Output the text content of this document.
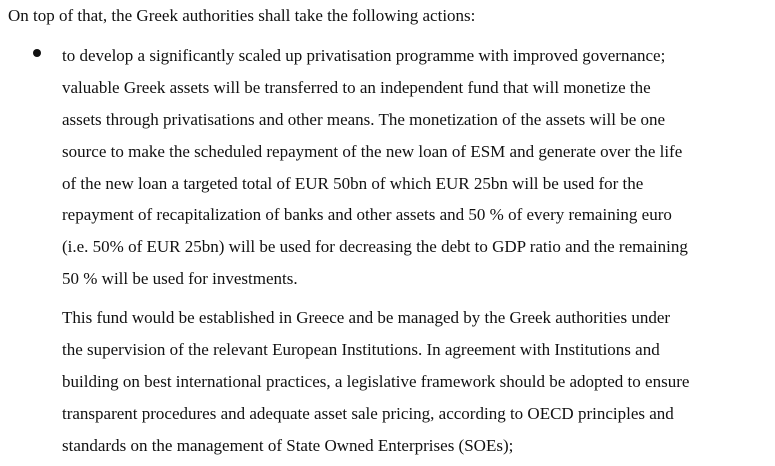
On top of that, the Greek authorities shall take the following actions:

to develop a significantly scaled up privatisation programme with improved governance;
valuable Greek assets will be transferred to an independent fund that will monetize the
assets through privatisations and other means. The monetization of the assets will be one
source to make the scheduled repayment of the new loan of ESM and generate over the life
of the new loan a targeted total of EUR 50bn of which EUR 25bn will be used for the
repayment of recapitalization of banks and other assets and 50 % of every remaining euro
(i.e. 50% of EUR 25bn) will be used for decreasing the debt to GDP ratio and the remaining
50 % will be used for investments.
This fund would be established in Greece and be managed by the Greek authorities under
the supervision of the relevant European Institutions. In agreement with Institutions and
building on best international practices, a legislative framework should be adopted to ensure
transparent procedures and adequate asset sale pricing, according to OECD principles and
standards on the management of State Owned Enterprises (SOEs);
